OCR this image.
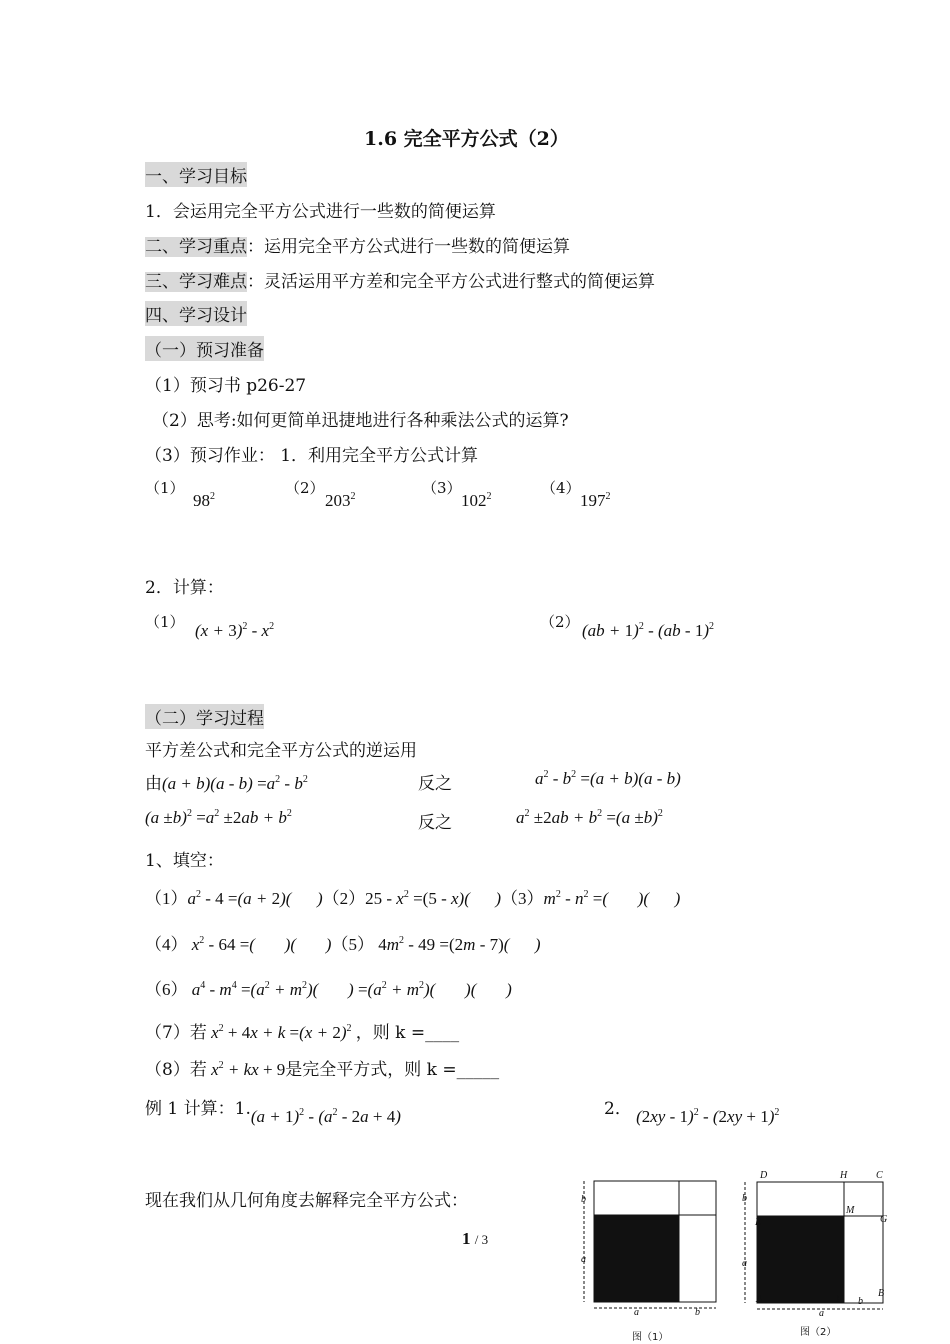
1.6 完全平方公式（2）
一、学习目标
1．会运用完全平方公式进行一些数的简便运算
二、学习重点：运用完全平方公式进行一些数的简便运算
三、学习难点：灵活运用平方差和完全平方公式进行整式的简便运算
四、学习设计
（一）预习准备
（1）预习书 p26-27
（2）思考:如何更简单迅捷地进行各种乘法公式的运算?
（3）预习作业： 1．利用完全平方公式计算
（1）
$98^2$	（2）
$203^2$	（3）
$102^2$	（4）
$197^2$
2．计算：
（1） $(x + 3)^2 - x^2$	（2） (ab + 1)$^2$ - (ab - 1)$^2$
（二）学习过程
平方差公式和完全平方公式的逆运用
由$(a + b)(a - b) =a^2 - b^2$	反之	$a^2 - b^2 =(a + b)(a - b)$
$(a \pm b)^2 =a^2 \pm 2ab + b^2$	反之	$a^2 \pm 2ab + b^2 =(a \pm b)^2$
1、填空：
$(1)a^2 - 4 =(a + 2)$(      )$(2)25 - x^2 =(5 - x)$(      )$(3)m^2 - n^2$ =(       )(      )
（4） $x^2 - 64$ =(       )(       )（5） $4m^2 - 49 =(2m - 7)$(      )
（6） $a^4 - m^4 =(a^2 + m^2)$(       ) $=(a^2 + m^2)$(       )(       )
（7）若 $x^2 + 4x + k =(x + 2)^2$ ，则 k =____
（8）若 $x^2$ + kx + 9是完全平方式，则 k =_____
例 1 计算：$1.(a + 1)^2 - (a^2 - 2a + 4)$	2． $(2xy - 1)^2 - (2xy + 1)^2$
现在我们从几何角度去解释完全平方公式：
1 / 3
b
a
a	b
图（1）
D	H	C
M
G
E
A	F
B
b
a
a
b
图（2）
